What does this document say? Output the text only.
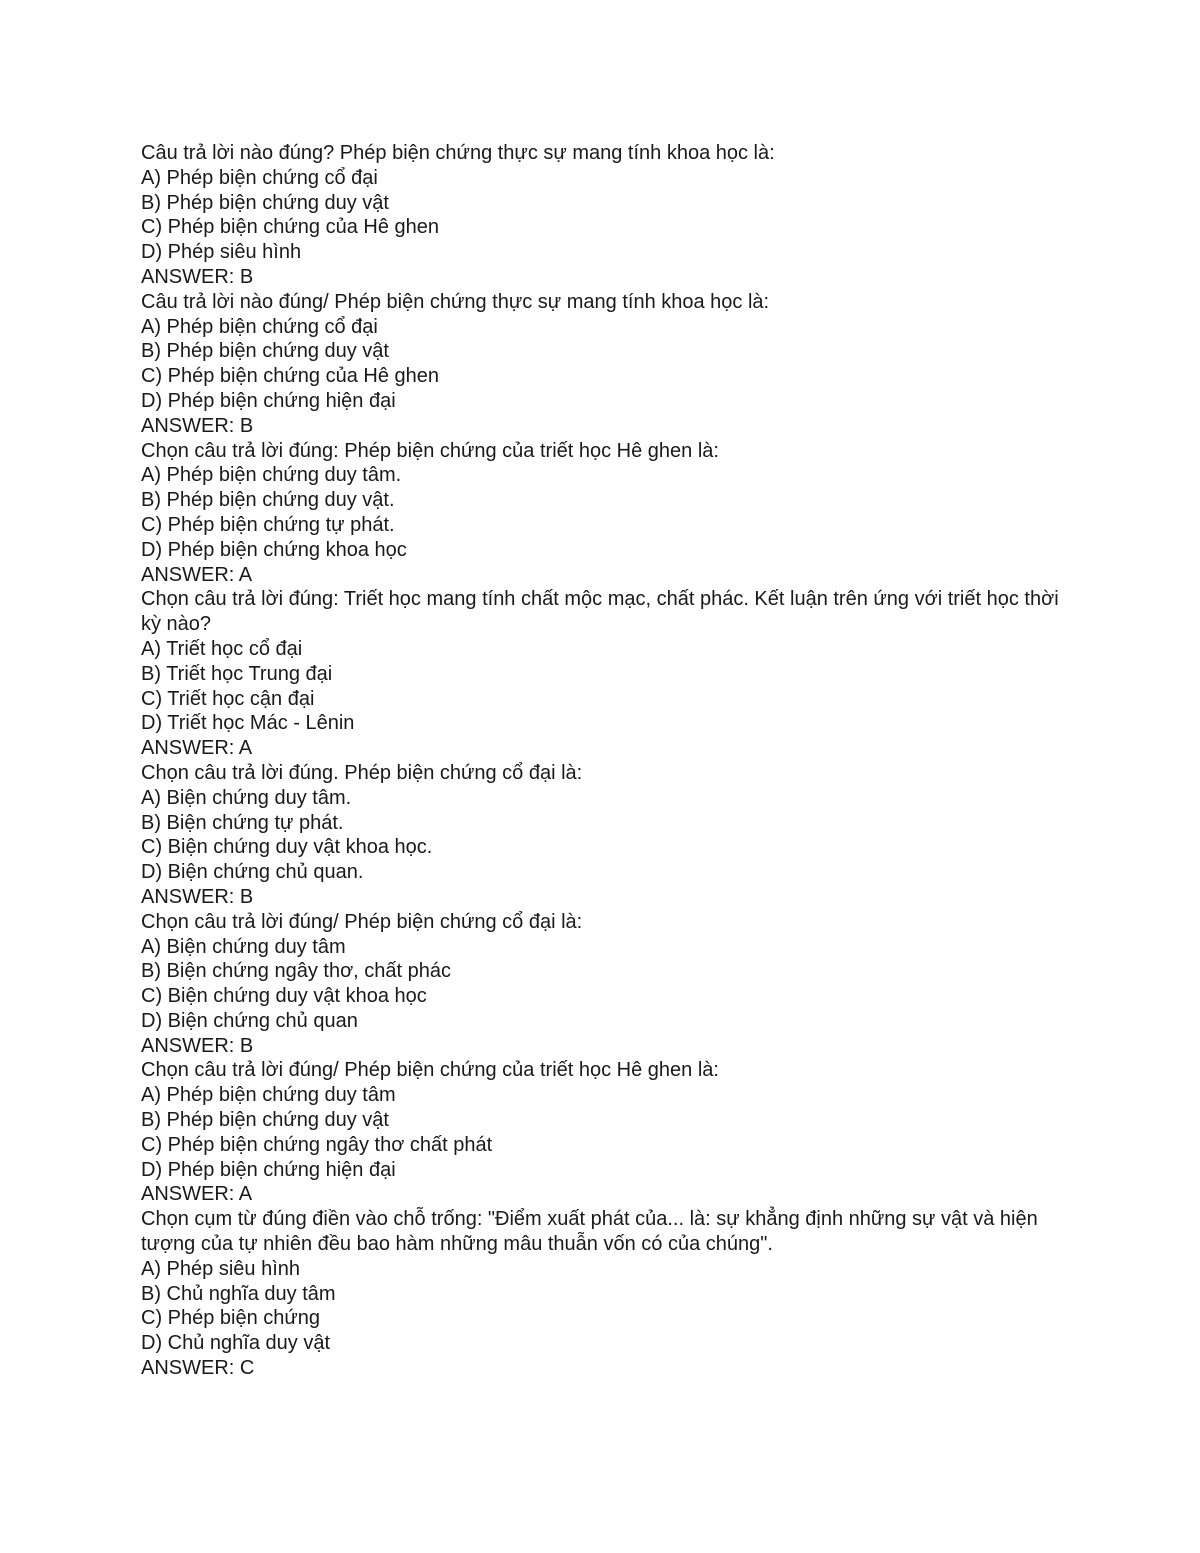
Câu trả lời nào đúng? Phép biện chứng thực sự mang tính khoa học là:
A) Phép biện chứng cổ đại
B) Phép biện chứng duy vật
C) Phép biện chứng của Hê ghen
D) Phép siêu hình
ANSWER: B
Câu trả lời nào đúng/ Phép biện chứng thực sự mang tính khoa học là:
A) Phép biện chứng cổ đại
B) Phép biện chứng duy vật
C) Phép biện chứng của Hê ghen
D) Phép biện chứng hiện đại
ANSWER: B
Chọn câu trả lời đúng: Phép biện chứng của triết học Hê ghen là:
A) Phép biện chứng duy tâm.
B) Phép biện chứng duy vật.
C) Phép biện chứng tự phát.
D) Phép biện chứng khoa học
ANSWER: A
Chọn câu trả lời đúng: Triết học mang tính chất mộc mạc, chất phác. Kết luận trên ứng với triết học thời kỳ nào?
A) Triết học cổ đại
B) Triết học Trung đại
C) Triết học cận đại
D) Triết học Mác - Lênin
ANSWER: A
Chọn câu trả lời đúng. Phép biện chứng cổ đại là:
A) Biện chứng duy tâm.
B) Biện chứng tự phát.
C) Biện chứng duy vật khoa học.
D) Biện chứng chủ quan.
ANSWER: B
Chọn câu trả lời đúng/ Phép biện chứng cổ đại là:
A) Biện chứng duy tâm
B) Biện chứng ngây thơ, chất phác
C) Biện chứng duy vật khoa học
D) Biện chứng chủ quan
ANSWER: B
Chọn câu trả lời đúng/ Phép biện chứng của triết học Hê ghen là:
A) Phép biện chứng duy tâm
B) Phép biện chứng duy vật
C) Phép biện chứng ngây thơ chất phát
D) Phép biện chứng hiện đại
ANSWER: A
Chọn cụm từ đúng điền vào chỗ trống: "Điểm xuất phát của... là: sự khẳng định những sự vật và hiện tượng của tự nhiên đều bao hàm những mâu thuẫn vốn có của chúng".
A) Phép siêu hình
B) Chủ nghĩa duy tâm
C) Phép biện chứng
D) Chủ nghĩa duy vật
ANSWER: C
